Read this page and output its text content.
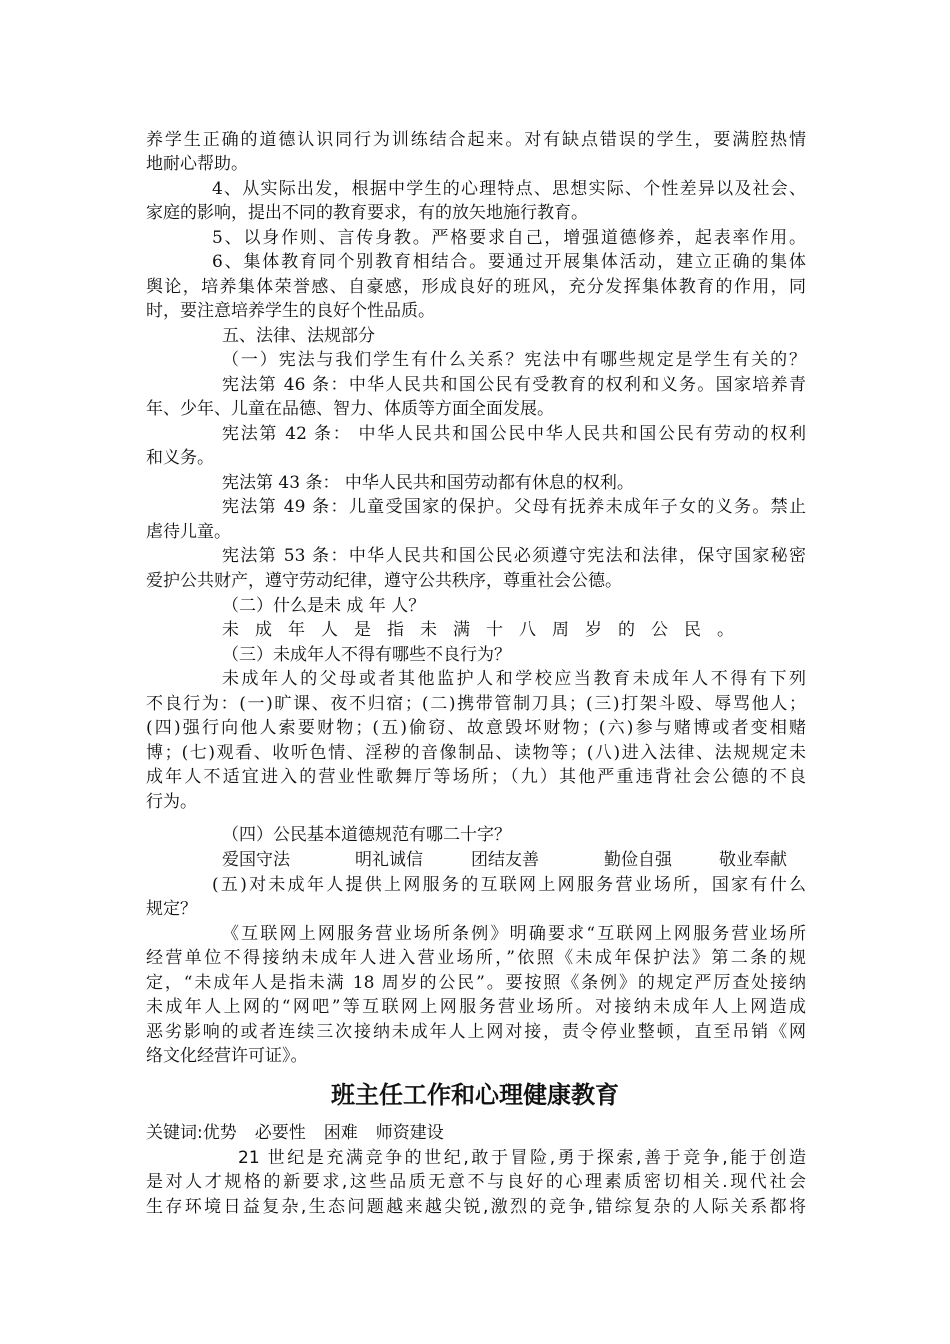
养学生正确的道德认识同行为训练结合起来。对有缺点错误的学生，要满腔热情
地耐心帮助。
4、从实际出发，根据中学生的心理特点、思想实际、个性差异以及社会、
家庭的影响，提出不同的教育要求，有的放矢地施行教育。
5、以身作则、言传身教。严格要求自己，增强道德修养，起表率作用。
6、集体教育同个别教育相结合。要通过开展集体活动，建立正确的集体
舆论，培养集体荣誉感、自豪感，形成良好的班风，充分发挥集体教育的作用，同
时，要注意培养学生的良好个性品质。
五、法律、法规部分
（一）宪法与我们学生有什么关系？宪法中有哪些规定是学生有关的？
宪法第 46 条：中华人民共和国公民有受教育的权利和义务。国家培养青
年、少年、儿童在品德、智力、体质等方面全面发展。
宪法第 42 条： 中华人民共和国公民中华人民共和国公民有劳动的权利
和义务。
宪法第 43 条： 中华人民共和国劳动都有休息的权利。
宪法第 49 条：儿童受国家的保护。父母有抚养未成年子女的义务。禁止
虐待儿童。
宪法第 53 条：中华人民共和国公民必须遵守宪法和法律，保守国家秘密
爱护公共财产，遵守劳动纪律，遵守公共秩序，尊重社会公德。
（二）什么是未 成 年 人？
未成年人是指未满十八周岁的公民。
（三）未成年人不得有哪些不良行为？
未成年人的父母或者其他监护人和学校应当教育未成年人不得有下列
不良行为：(一)旷课、夜不归宿；(二)携带管制刀具；(三)打架斗殴、辱骂他人；
(四)强行向他人索要财物；(五)偷窃、故意毁坏财物；(六)参与赌博或者变相赌
博；(七)观看、收听色情、淫秽的音像制品、读物等；(八)进入法律、法规规定未
成年人不适宜进入的营业性歌舞厅等场所；（九）其他严重违背社会公德的不良
行为。
（四）公民基本道德规范有哪二十字？
爱国守法	明礼诚信	团结友善	勤俭自强	敬业奉献
(五)对未成年人提供上网服务的互联网上网服务营业场所，国家有什么
规定？
《互联网上网服务营业场所条例》明确要求“互联网上网服务营业场所
经营单位不得接纳未成年人进入营业场所，”依照《未成年保护法》第二条的规
定，“未成年人是指未满 18 周岁的公民”。要按照《条例》的规定严厉查处接纳
未成年人上网的“网吧”等互联网上网服务营业场所。对接纳未成年人上网造成
恶劣影响的或者连续三次接纳未成年人上网对接，责令停业整顿，直至吊销《网
络文化经营许可证》。
班主任工作和心理健康教育
关键词:优势 必要性 困难 师资建设
21 世纪是充满竞争的世纪,敢于冒险,勇于探索,善于竞争,能于创造
是对人才规格的新要求,这些品质无意不与良好的心理素质密切相关.现代社会
生存环境日益复杂,生态问题越来越尖锐,激烈的竞争,错综复杂的人际关系都将
